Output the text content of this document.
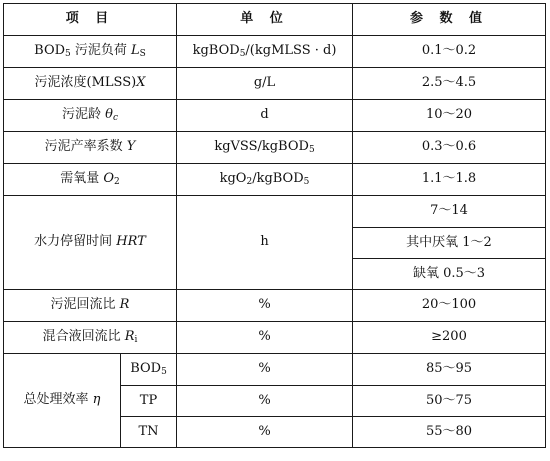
项 目		单 位	参 数 值
$BOD_5$ 污泥负荷 $L_S$		kgBOD$_5$/(kgMLSS · d)	0.1～0.2
污泥浓度(MLSS)X		g/L	2.5～4.5
污泥龄 $\theta_c$		d	10～20
污泥产率系数 Y		kgVSS/kgBOD$_5$	0.3～0.6
需氧量 $O_2$		kgO$_2$/kgBOD$_5$	1.1～1.8
水力停留时间 HRT		h	7～14
			其中厌氧 1～2
			缺氧 0.5～3
污泥回流比 R		%	20～100
混合液回流比 $R_i$		%	≥200
总处理效率 η	$BOD_5$	%	85～95
	TP	%	50～75
	TN	%	55～80
